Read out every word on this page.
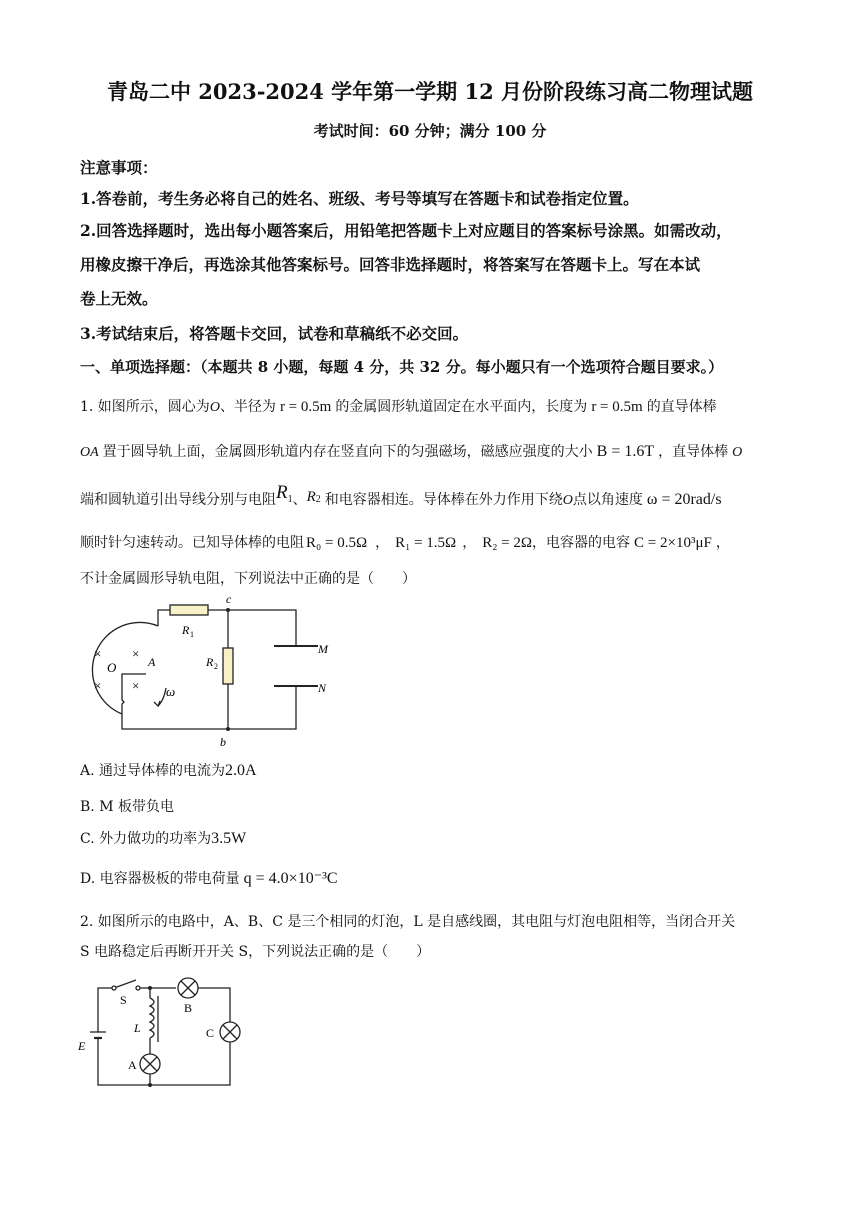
青岛二中 2023-2024 学年第一学期 12 月份阶段练习高二物理试题
考试时间：60 分钟；满分 100 分
注意事项：
1.答卷前，考生务必将自己的姓名、班级、考号等填写在答题卡和试卷指定位置。
2.回答选择题时，选出每小题答案后，用铅笔把答题卡上对应题目的答案标号涂黑。如需改动，
用橡皮擦干净后，再选涂其他答案标号。回答非选择题时，将答案写在答题卡上。写在本试
卷上无效。
3.考试结束后，将答题卡交回，试卷和草稿纸不必交回。
一、单项选择题：（本题共 8 小题，每题 4 分，共 32 分。每小题只有一个选项符合题目要求。）
1. 如图所示，圆心为O、半径为 r = 0.5m 的金属圆形轨道固定在水平面内，长度为 r = 0.5m 的直导体棒
OA 置于圆导轨上面，金属圆形轨道内存在竖直向下的匀强磁场，磁感应强度的大小 B = 1.6T ，直导体棒 O
端和圆轨道引出导线分别与电阻R1、R2 和电容器相连。导体棒在外力作用下绕O点以角速度 ω = 20rad/s
顺时针匀速转动。已知导体棒的电阻 R₀ = 0.5Ω ， R₁ = 1.5Ω ， R₂ = 2Ω，电容器的电容 C = 2×10³μF ，
不计金属圆形导轨电阻，下列说法中正确的是（　　）
c
b
R 1
R 2
M
N
O	A
ω
× ×
× ×
A. 通过导体棒的电流为2.0A
B. M 板带负电
C. 外力做功的功率为3.5W
D. 电容器极板的带电荷量 q = 4.0×10⁻³C
2. 如图所示的电路中，A、B、C 是三个相同的灯泡，L 是自感线圈，其电阻与灯泡电阻相等，当闭合开关
S 电路稳定后再断开开关 S，下列说法正确的是（　　）
S
B
L	C
E
A
